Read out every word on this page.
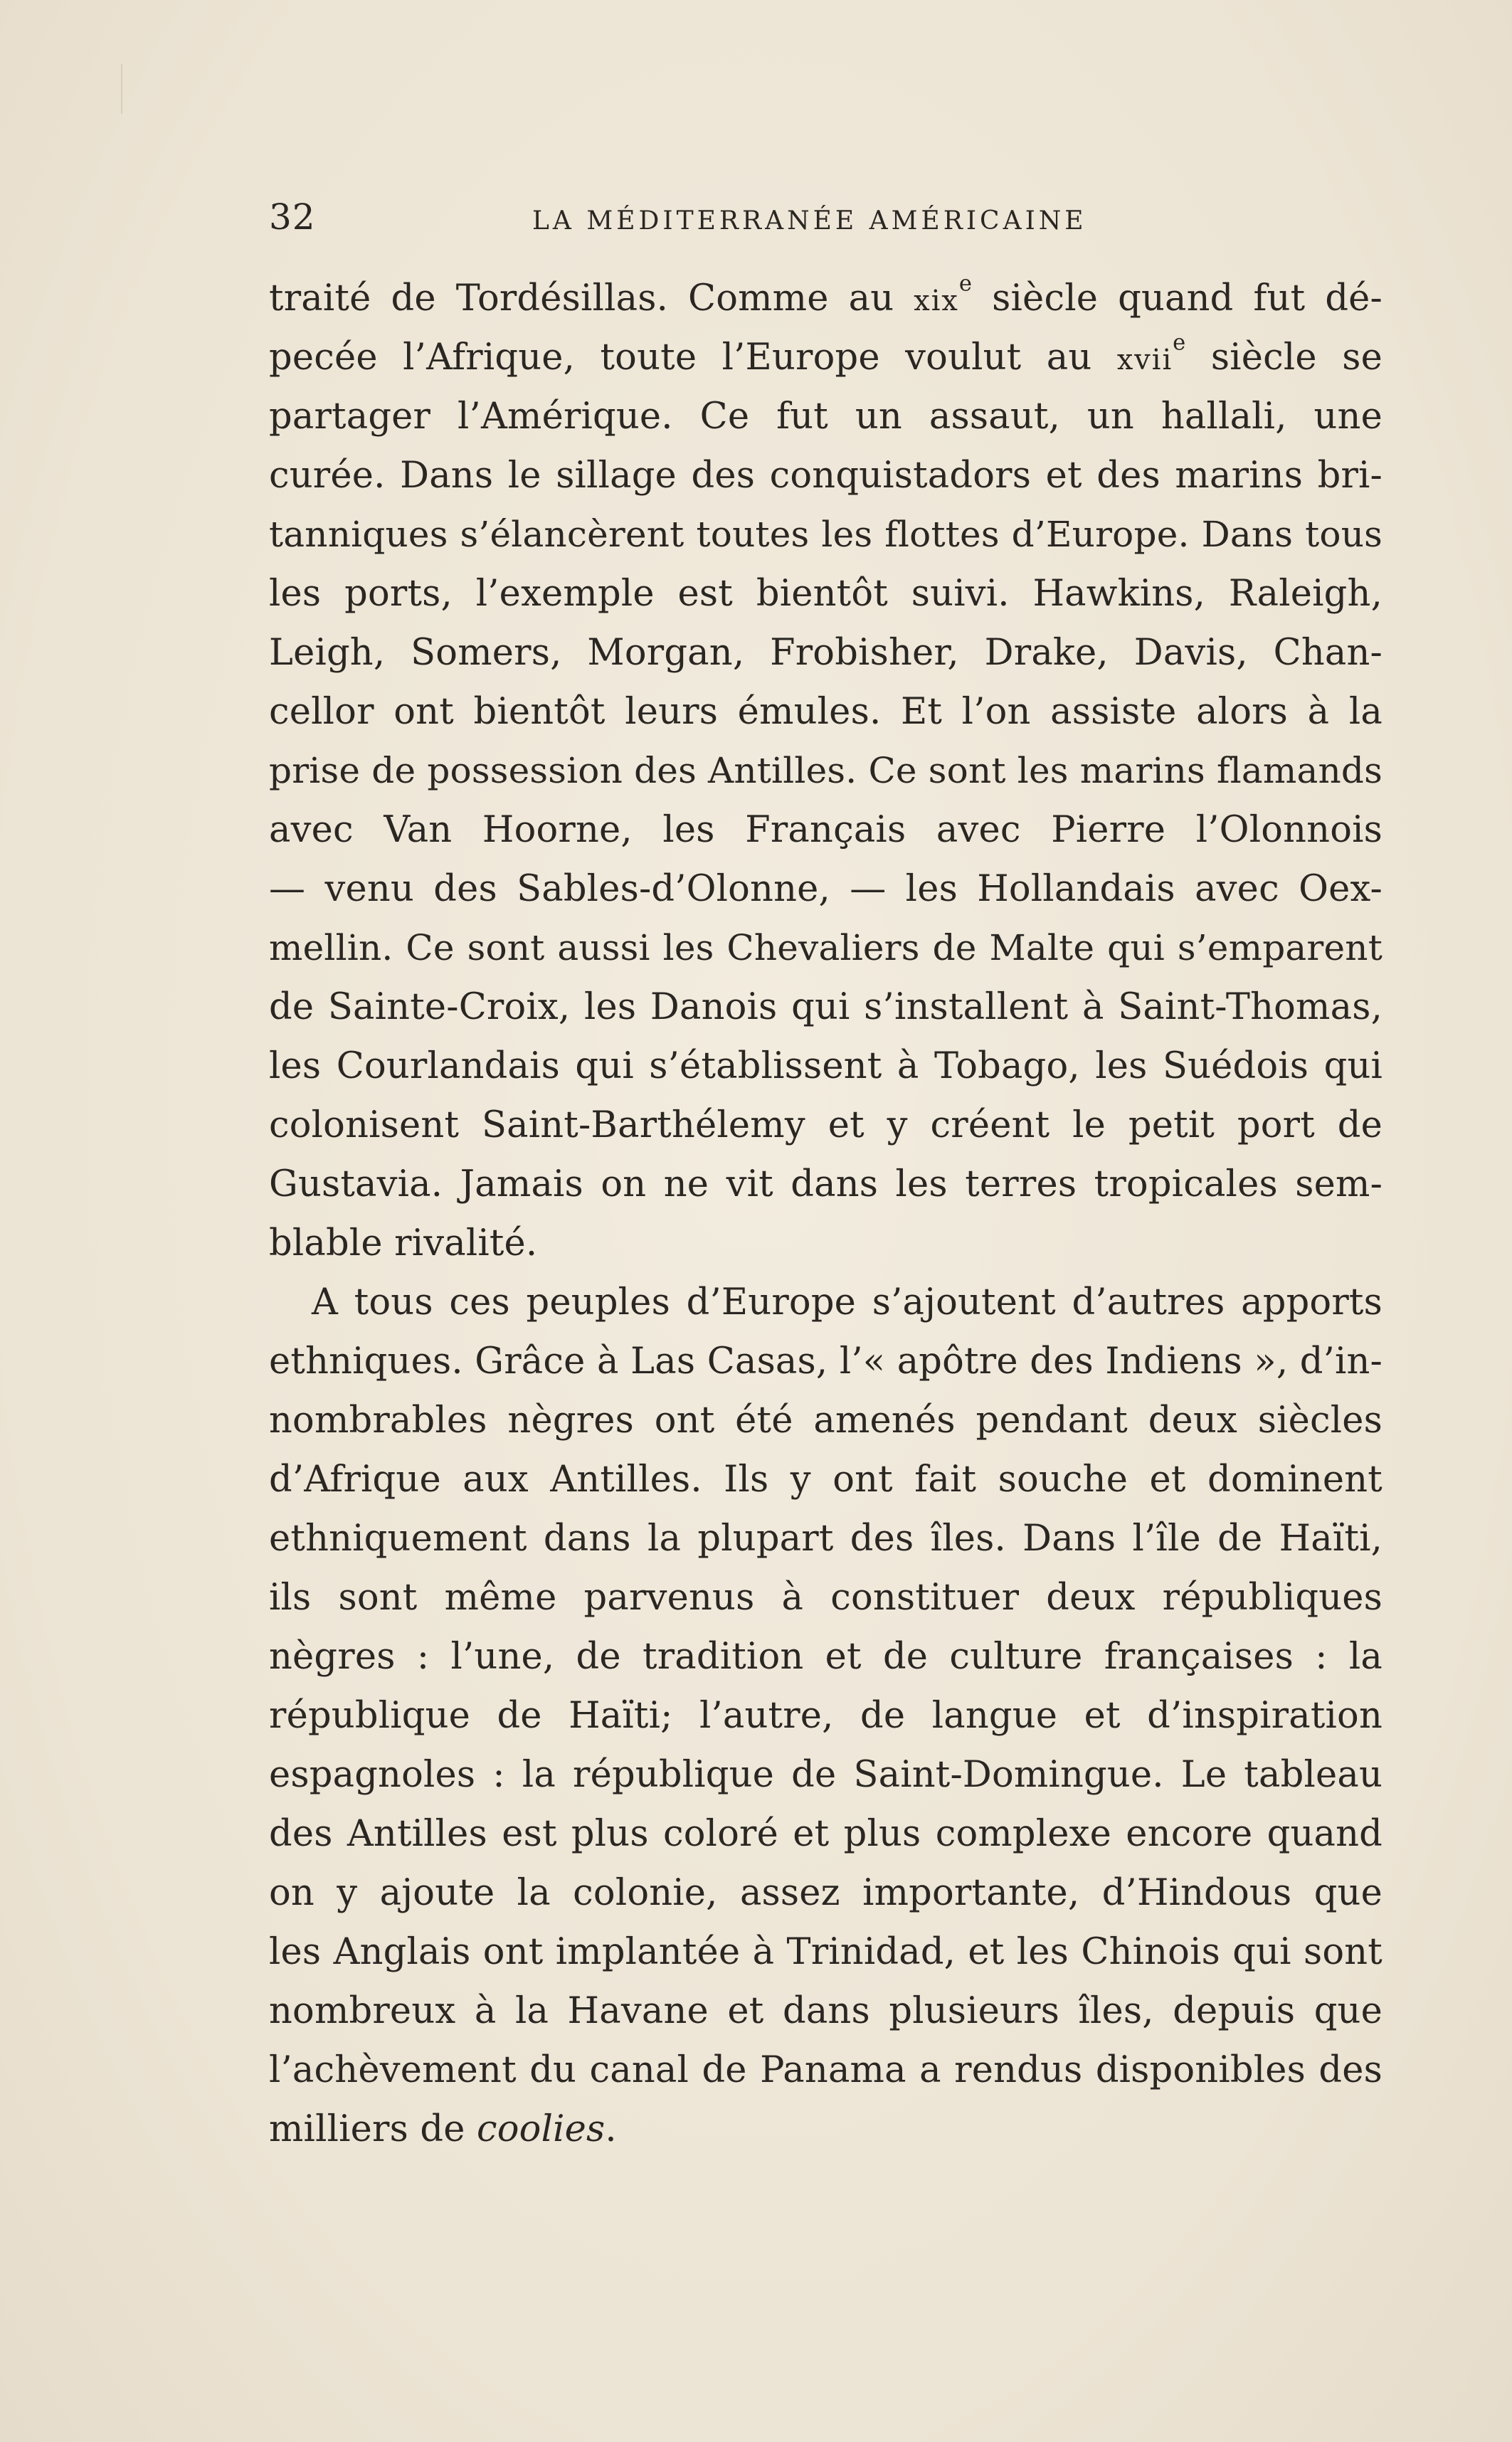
32	LA MÉDITERRANÉE AMÉRICAINE
traité de Tordésillas. Comme au xix$^e$ siècle quand fut dé-
pecée l’Afrique, toute l’Europe voulut au xvii$^e$ siècle se
partager l’Amérique. Ce fut un assaut, un hallali, une
curée. Dans le sillage des conquistadors et des marins bri-
tanniques s’élancèrent toutes les flottes d’Europe. Dans tous
les ports, l’exemple est bientôt suivi. Hawkins, Raleigh,
Leigh, Somers, Morgan, Frobisher, Drake, Davis, Chan-
cellor ont bientôt leurs émules. Et l’on assiste alors à la
prise de possession des Antilles. Ce sont les marins flamands
avec Van Hoorne, les Français avec Pierre l’Olonnois
— venu des Sables-d’Olonne, — les Hollandais avec Oex-
mellin. Ce sont aussi les Chevaliers de Malte qui s’emparent
de Sainte-Croix, les Danois qui s’installent à Saint-Thomas,
les Courlandais qui s’établissent à Tobago, les Suédois qui
colonisent Saint-Barthélemy et y créent le petit port de
Gustavia. Jamais on ne vit dans les terres tropicales sem-
blable rivalité.
A tous ces peuples d’Europe s’ajoutent d’autres apports
ethniques. Grâce à Las Casas, l’« apôtre des Indiens », d’in-
nombrables nègres ont été amenés pendant deux siècles
d’Afrique aux Antilles. Ils y ont fait souche et dominent
ethniquement dans la plupart des îles. Dans l’île de Haïti,
ils sont même parvenus à constituer deux républiques
nègres : l’une, de tradition et de culture françaises : la
république de Haïti; l’autre, de langue et d’inspiration
espagnoles : la république de Saint-Domingue. Le tableau
des Antilles est plus coloré et plus complexe encore quand
on y ajoute la colonie, assez importante, d’Hindous que
les Anglais ont implantée à Trinidad, et les Chinois qui sont
nombreux à la Havane et dans plusieurs îles, depuis que
l’achèvement du canal de Panama a rendus disponibles des
milliers de coolies.
